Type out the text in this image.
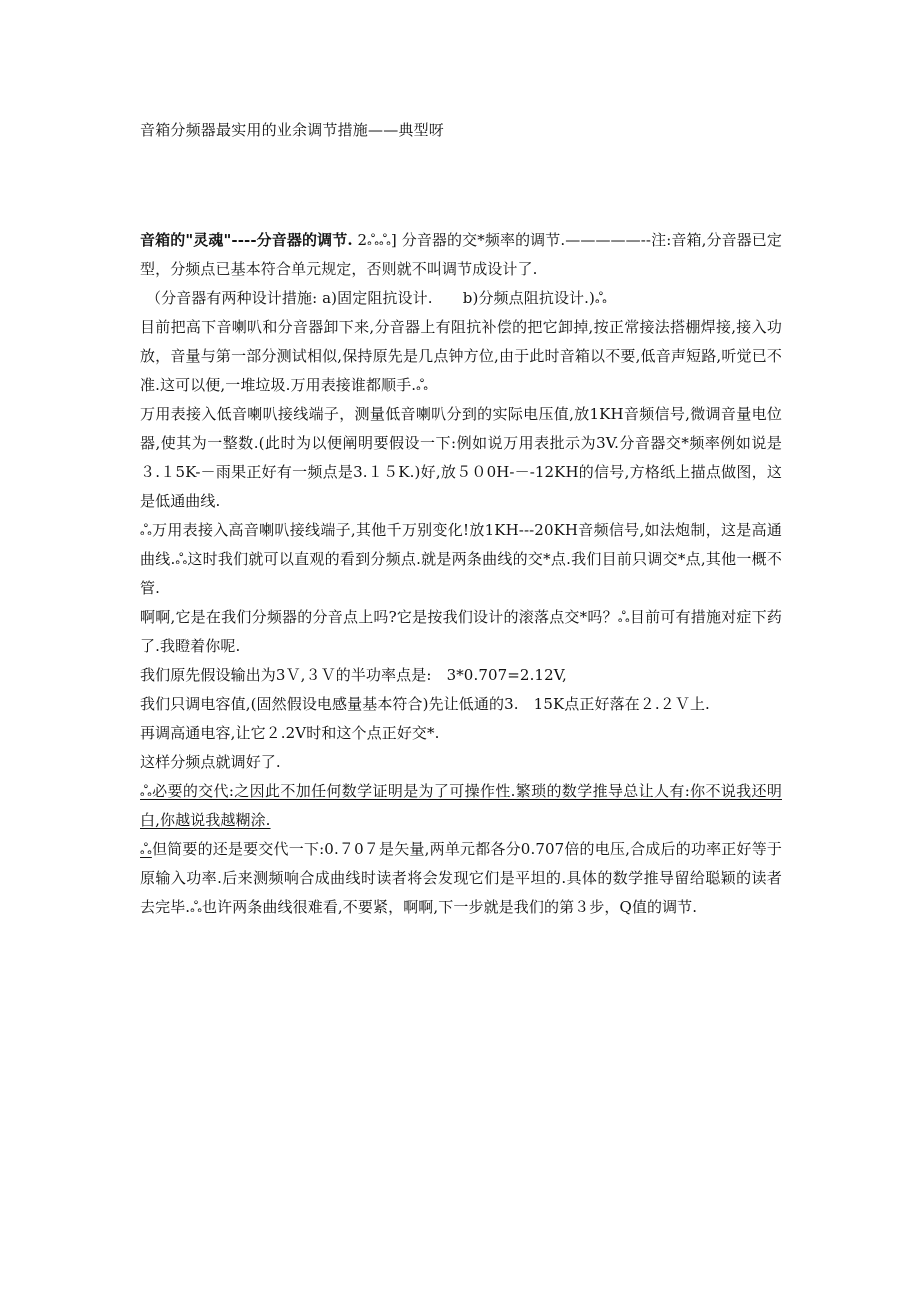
音箱分频器最实用的业余调节措施——典型呀

音箱的"灵魂"----分音器的调节. 2ஃஃ] 分音器的交*频率的调节.—————--注:音箱,分音器已定型，分频点已基本符合单元规定，否则就不叫调节成设计了.

（分音器有两种设计措施: a)固定阻抗设计.　　b)分频点阻抗设计.)ஃ

目前把高下音喇叭和分音器卸下来,分音器上有阻抗补偿的把它卸掉,按正常接法搭棚焊接,接入功放，音量与第一部分测试相似,保持原先是几点钟方位,由于此时音箱以不要,低音声短路,听觉已不准.这可以便,一堆垃圾.万用表接谁都顺手.ஃ

万用表接入低音喇叭接线端子，测量低音喇叭分到的实际电压值,放1KH音频信号,微调音量电位器,使其为一整数.(此时为以便阐明要假设一下:例如说万用表批示为3V.分音器交*频率例如说是３.１5K-－雨果正好有一频点是3.１５K.)好,放５０0H-－-12KH的信号,方格纸上描点做图，这是低通曲线.

ஃ万用表接入高音喇叭接线端子,其他千万别变化!放1KH---20KH音频信号,如法炮制，这是高通曲线.ஃ这时我们就可以直观的看到分频点.就是两条曲线的交*点.我们目前只调交*点,其他一概不管.

啊啊,它是在我们分频器的分音点上吗?它是按我们设计的滚落点交*吗？ஃ目前可有措施对症下药了.我瞪着你呢.

我们原先假设输出为3Ｖ,３Ｖ的半功率点是:　3*0.707=2.12V,

我们只调电容值,(固然假设电感量基本符合)先让低通的3.　15K点正好落在２.２Ｖ上.

再调高通电容,让它２.2V时和这个点正好交*.

这样分频点就调好了.

ஃ必要的交代:之因此不加任何数学证明是为了可操作性.繁琐的数学推导总让人有:你不说我还明白,你越说我越糊涂.

ஃ但简要的还是要交代一下:0.７0７是矢量,两单元都各分0.707倍的电压,合成后的功率正好等于原输入功率.后来测频响合成曲线时读者将会发现它们是平坦的.具体的数学推导留给聪颖的读者去完毕.ஃ也许两条曲线很难看,不要紧，啊啊,下一步就是我们的第３步，Q值的调节.
